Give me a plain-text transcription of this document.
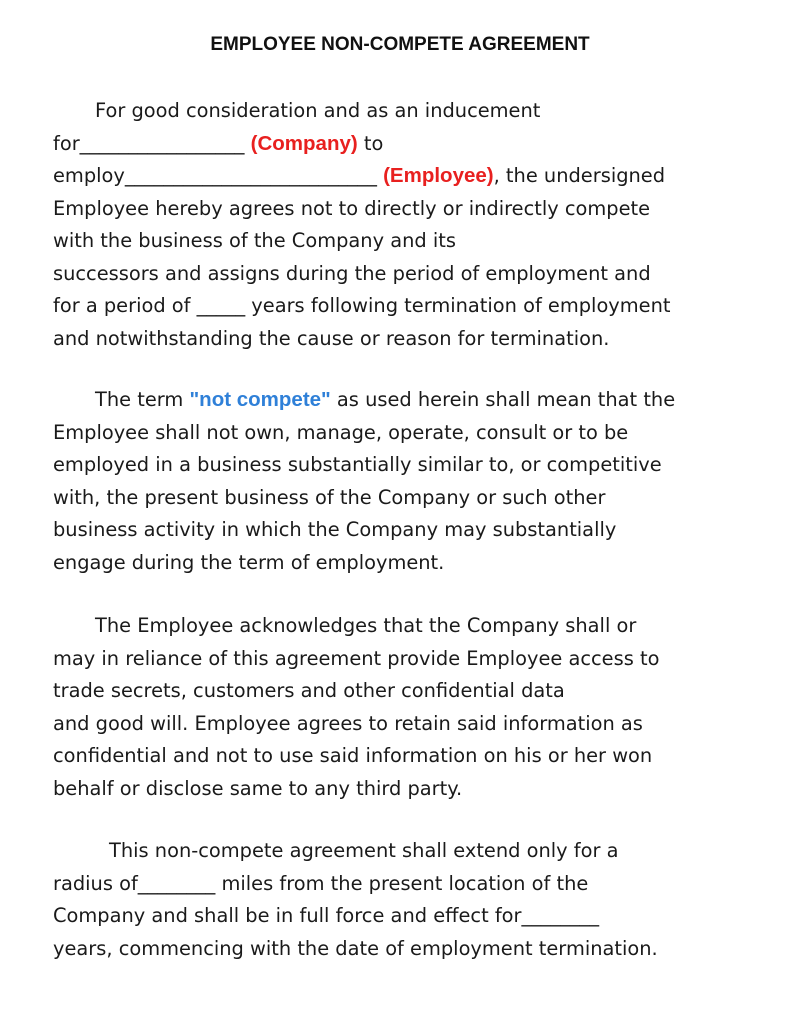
EMPLOYEE NON-COMPETE AGREEMENT
For good consideration and as an inducement
for_________________ (Company) to
employ__________________________ (Employee), the undersigned
Employee hereby agrees not to directly or indirectly compete
with the business of the Company and its
successors and assigns during the period of employment and
for a period of _____ years following termination of employment
and notwithstanding the cause or reason for termination.
The term "not compete" as used herein shall mean that the
Employee shall not own, manage, operate, consult or to be
employed in a business substantially similar to, or competitive
with, the present business of the Company or such other
business activity in which the Company may substantially
engage during the term of employment.
The Employee acknowledges that the Company shall or
may in reliance of this agreement provide Employee access to
trade secrets, customers and other confidential data
and good will. Employee agrees to retain said information as
confidential and not to use said information on his or her won
behalf or disclose same to any third party.
This non-compete agreement shall extend only for a
radius of________ miles from the present location of the
Company and shall be in full force and effect for________
years, commencing with the date of employment termination.
